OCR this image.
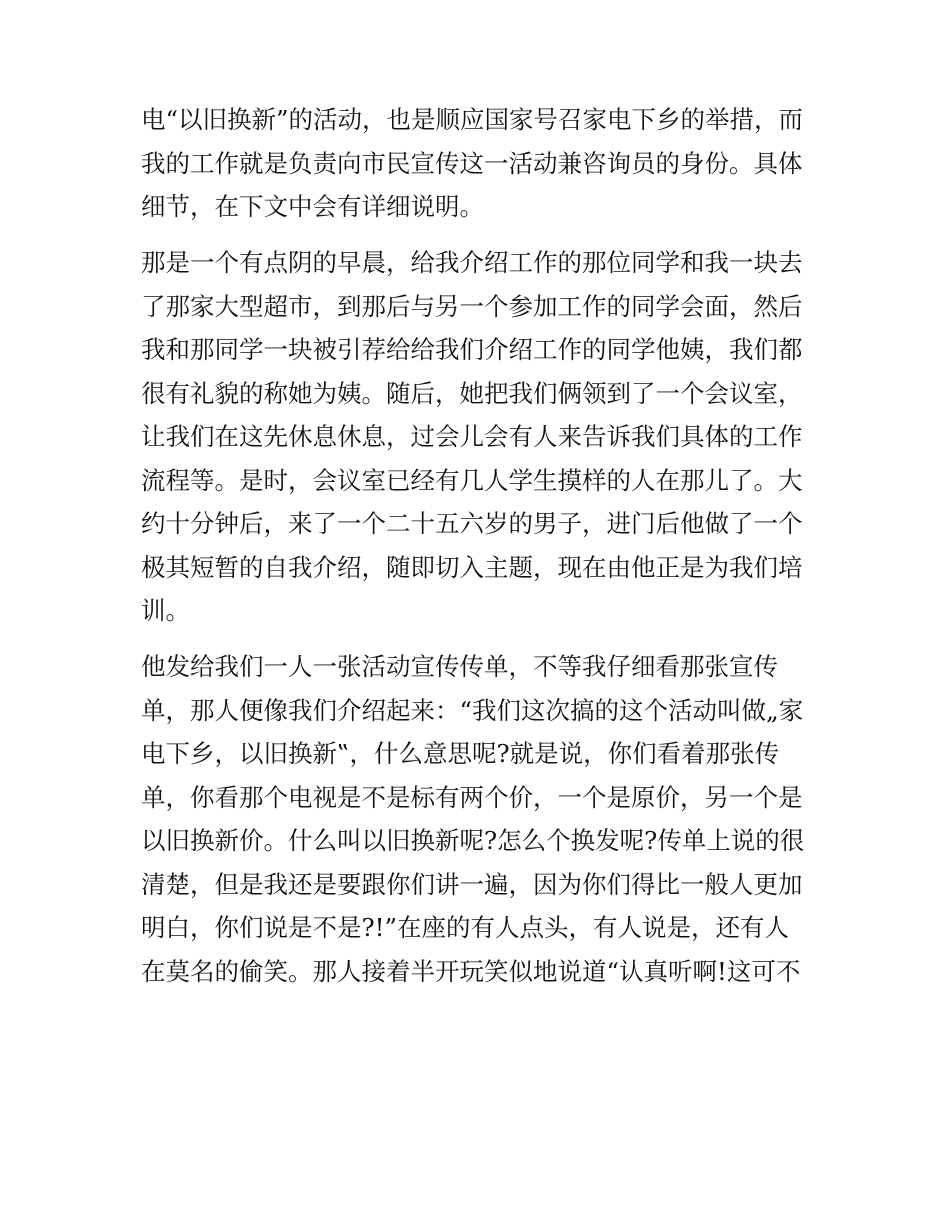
电“以旧换新”的活动，也是顺应国家号召家电下乡的举措，而
我的工作就是负责向市民宣传这一活动兼咨询员的身份。具体
细节，在下文中会有详细说明。
那是一个有点阴的早晨，给我介绍工作的那位同学和我一块去
了那家大型超市，到那后与另一个参加工作的同学会面，然后
我和那同学一块被引荐给给我们介绍工作的同学他姨，我们都
很有礼貌的称她为姨。随后，她把我们俩领到了一个会议室，
让我们在这先休息休息，过会儿会有人来告诉我们具体的工作
流程等。是时，会议室已经有几人学生摸样的人在那儿了。大
约十分钟后，来了一个二十五六岁的男子，进门后他做了一个
极其短暂的自我介绍，随即切入主题，现在由他正是为我们培
训。
他发给我们一人一张活动宣传传单，不等我仔细看那张宣传
单，那人便像我们介绍起来：“我们这次搞的这个活动叫做„家
电下乡，以旧换新‟，什么意思呢?就是说，你们看着那张传
单，你看那个电视是不是标有两个价，一个是原价，另一个是
以旧换新价。什么叫以旧换新呢?怎么个换发呢?传单上说的很
清楚，但是我还是要跟你们讲一遍，因为你们得比一般人更加
明白，你们说是不是?!”在座的有人点头，有人说是，还有人
在莫名的偷笑。那人接着半开玩笑似地说道“认真听啊!这可不
